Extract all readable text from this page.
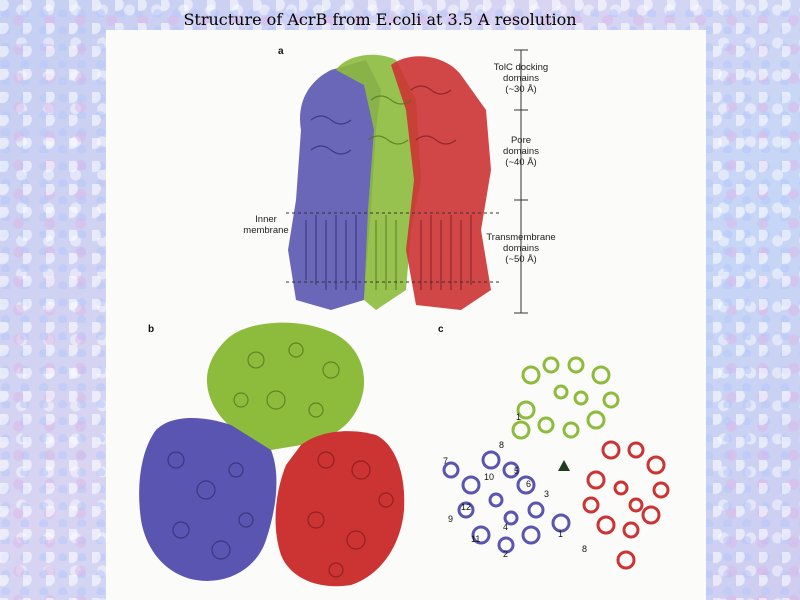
Structure of AcrB from E.coli at 3.5 A resolution
a
Inner
membrane
TolC docking
domains
(~30 Å)
Pore
domains
(~40 Å)
Transmembrane
domains
(~50 Å)
b	c
1
8
7
5
6
10
3
12
9
4
11
2
1
8
